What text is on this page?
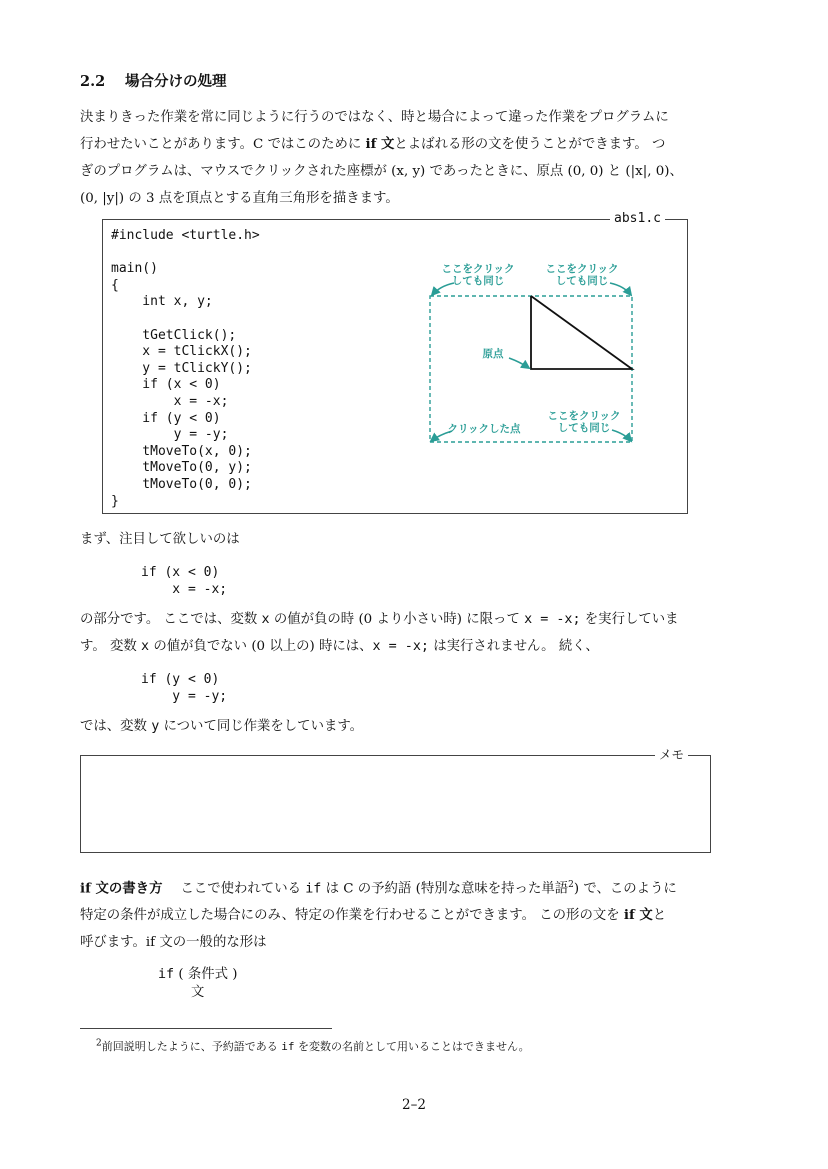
2.2 場合分けの処理
決まりきった作業を常に同じように行うのではなく、時と場合によって違った作業をプログラムに
行わせたいことがあります。C ではこのために if 文とよばれる形の文を使うことができます。 つ
ぎのプログラムは、マウスでクリックされた座標が (x, y) であったときに、原点 (0, 0) と (|x|, 0)、
(0, |y|) の 3 点を頂点とする直角三角形を描きます。
abs1.c
#include <turtle.h>

main()
{
int x, y;

tGetClick();
x = tClickX();
y = tClickY();
if (x < 0)
x = -x;
if (y < 0)
y = -y;
tMoveTo(x, 0);
tMoveTo(0, y);
tMoveTo(0, 0);
}
ここをクリック
しても同じ
ここをクリック
しても同じ
原点
クリックした点
ここをクリック
しても同じ
まず、注目して欲しいのは
if (x < 0)
x = -x;
の部分です。 ここでは、変数 x の値が負の時 (0 より小さい時) に限って x = -x; を実行していま
す。 変数 x の値が負でない (0 以上の) 時には、x = -x; は実行されません。 続く、
if (y < 0)
y = -y;
では、変数 y について同じ作業をしています。
メモ
if 文の書き方 ここで使われている if は C の予約語 (特別な意味を持った単語$^2$) で、このように
特定の条件が成立した場合にのみ、特定の作業を行わせることができます。 この形の文を if 文と
呼びます。if 文の一般的な形は
if ( 条件式 )
文
$^2$前回説明したように、予約語である if を変数の名前として用いることはできません。
2–2
